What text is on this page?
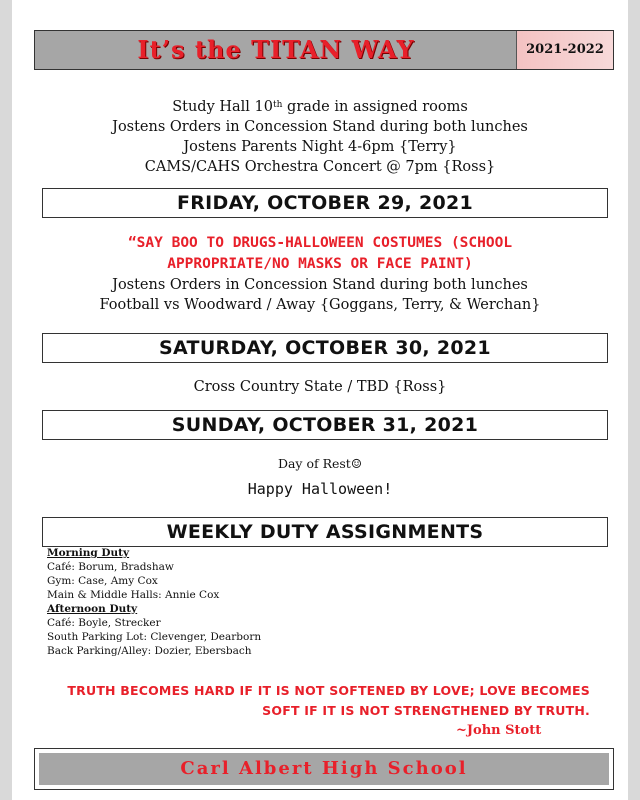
It’s the TITAN WAY	2021-2022
Study Hall 10th grade in assigned rooms
Jostens Orders in Concession Stand during both lunches
Jostens Parents Night 4-6pm {Terry}
CAMS/CAHS Orchestra Concert @ 7pm {Ross}
FRIDAY, OCTOBER 29, 2021
“SAY BOO TO DRUGS-HALLOWEEN COSTUMES (SCHOOL
APPROPRIATE/NO MASKS OR FACE PAINT)
Jostens Orders in Concession Stand during both lunches
Football vs Woodward / Away {Goggans, Terry, & Werchan}
SATURDAY, OCTOBER 30, 2021
Cross Country State / TBD {Ross}
SUNDAY, OCTOBER 31, 2021
Day of Rest☺
Happy Halloween!
WEEKLY DUTY ASSIGNMENTS
Morning Duty
Café: Borum, Bradshaw
Gym: Case, Amy Cox
Main & Middle Halls: Annie Cox
Afternoon Duty
Café: Boyle, Strecker
South Parking Lot: Clevenger, Dearborn
Back Parking/Alley: Dozier, Ebersbach
TRUTH BECOMES HARD IF IT IS NOT SOFTENED BY LOVE; LOVE BECOMES
SOFT IF IT IS NOT STRENGTHENED BY TRUTH.
~John Stott
Carl Albert High School
